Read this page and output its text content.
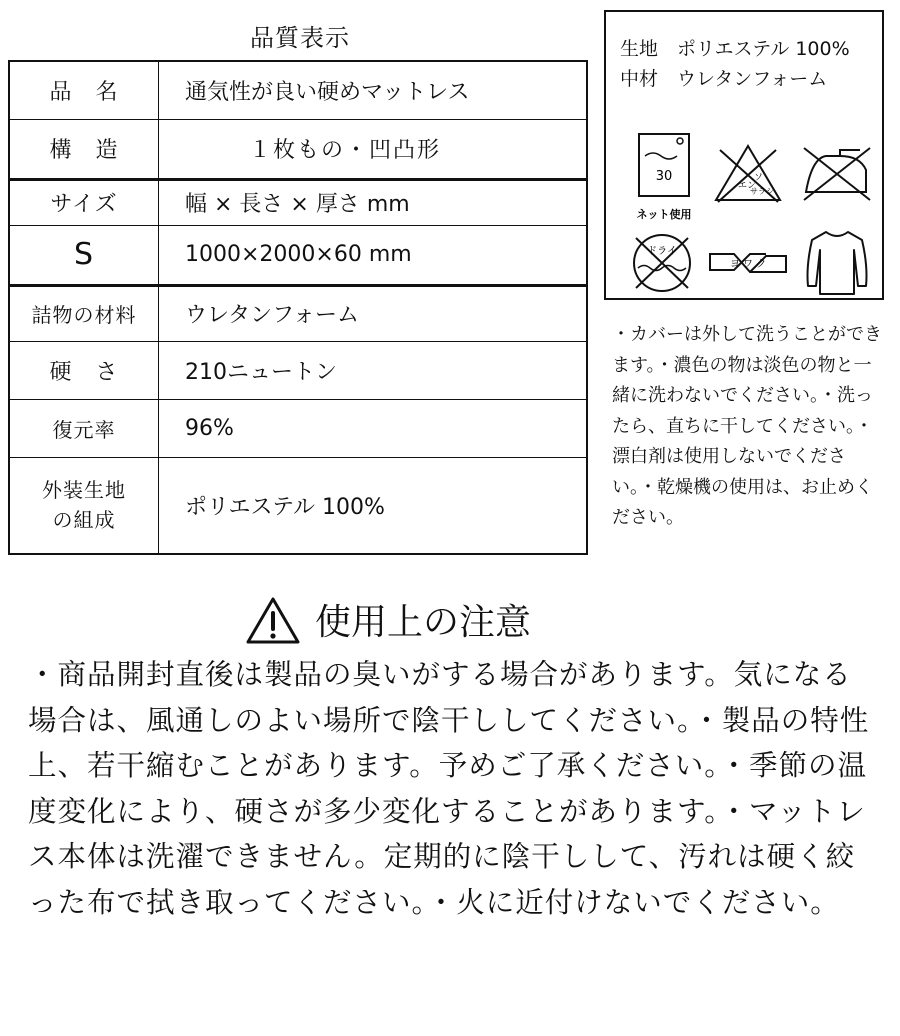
品質表示
品　名	通気性が良い硬めマットレス
構　造	１枚もの・凹凸形
サイズ	幅 × 長さ × 厚さ mm
S	1000×2000×60 mm
詰物の材料	ウレタンフォーム
硬　さ	210ニュートン
復元率	96%

外装生地
の組成	ポリエステル 100%
生地　ポリエステル 100%
中材　ウレタンフォーム
30
ネット使用
エン
ソ
サラシ
ドライ
ヨ ワ ク
・カバーは外して洗うことができます。・濃色の物は淡色の物と一緒に洗わないでください。・洗ったら、直ちに干してください。・漂白剤は使用しないでください。・乾燥機の使用は、お止めください。
使用上の注意
・商品開封直後は製品の臭いがする場合があります。気になる場合は、風通しのよい場所で陰干ししてください。・製品の特性上、若干縮むことがあります。予めご了承ください。・季節の温度変化により、硬さが多少変化することがあります。・マットレス本体は洗濯できません。定期的に陰干しして、汚れは硬く絞った布で拭き取ってください。・火に近付けないでください。
